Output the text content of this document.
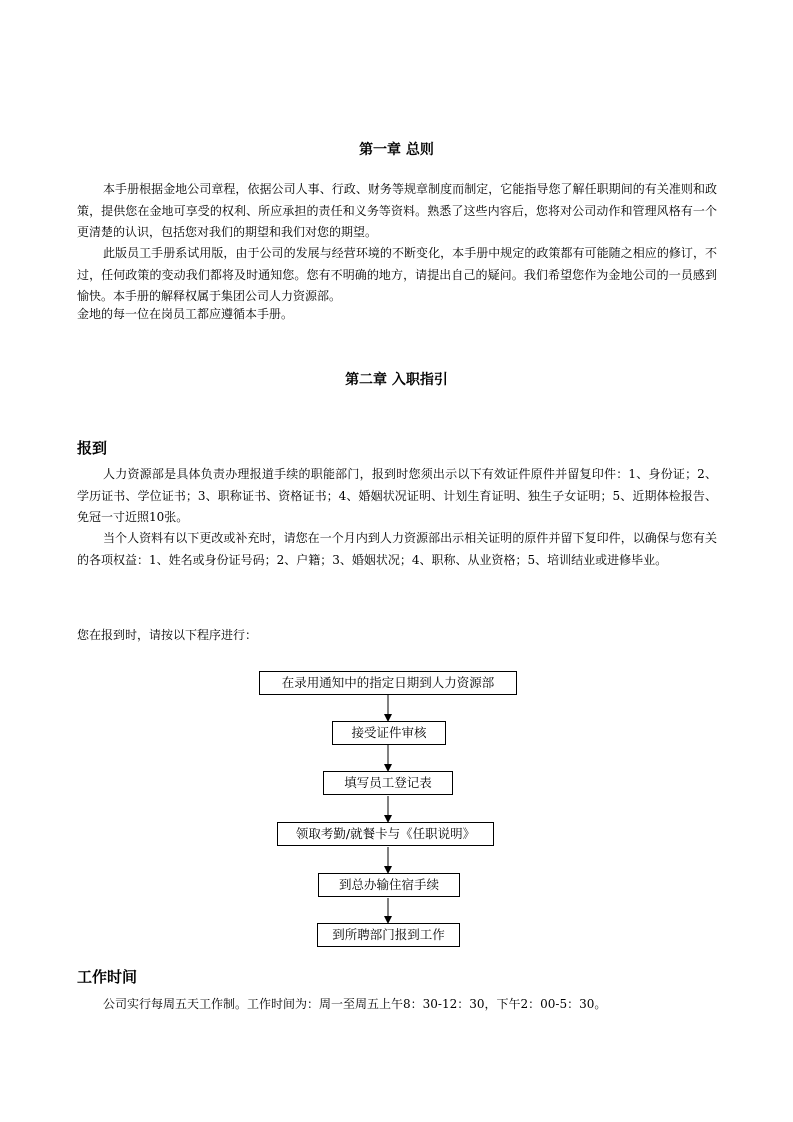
第一章 总则
本手册根据金地公司章程，依据公司人事、行政、财务等规章制度而制定，它能指导您了解任职期间的有关准则和政策，提供您在金地可享受的权利、所应承担的责任和义务等资料。熟悉了这些内容后，您将对公司动作和管理风格有一个更清楚的认识，包括您对我们的期望和我们对您的期望。
此版员工手册系试用版，由于公司的发展与经营环境的不断变化，本手册中规定的政策都有可能随之相应的修订，不过，任何政策的变动我们都将及时通知您。您有不明确的地方，请提出自己的疑问。我们希望您作为金地公司的一员感到愉快。本手册的解释权属于集团公司人力资源部。
金地的每一位在岗员工都应遵循本手册。
第二章 入职指引
报到
人力资源部是具体负责办理报道手续的职能部门，报到时您须出示以下有效证件原件并留复印件：1、身份证；2、学历证书、学位证书；3、职称证书、资格证书；4、婚姻状况证明、计划生育证明、独生子女证明；5、近期体检报告、免冠一寸近照10张。
当个人资料有以下更改或补充时，请您在一个月内到人力资源部出示相关证明的原件并留下复印件，以确保与您有关的各项权益：1、姓名或身份证号码；2、户籍；3、婚姻状况；4、职称、从业资格；5、培训结业或进修毕业。
您在报到时，请按以下程序进行：
在录用通知中的指定日期到人力资源部
接受证件审核
填写员工登记表
领取考勤/就餐卡与《任职说明》
到总办输住宿手续
到所聘部门报到工作
工作时间
公司实行每周五天工作制。工作时间为：周一至周五上午8：30-12：30，下午2：00-5：30。
